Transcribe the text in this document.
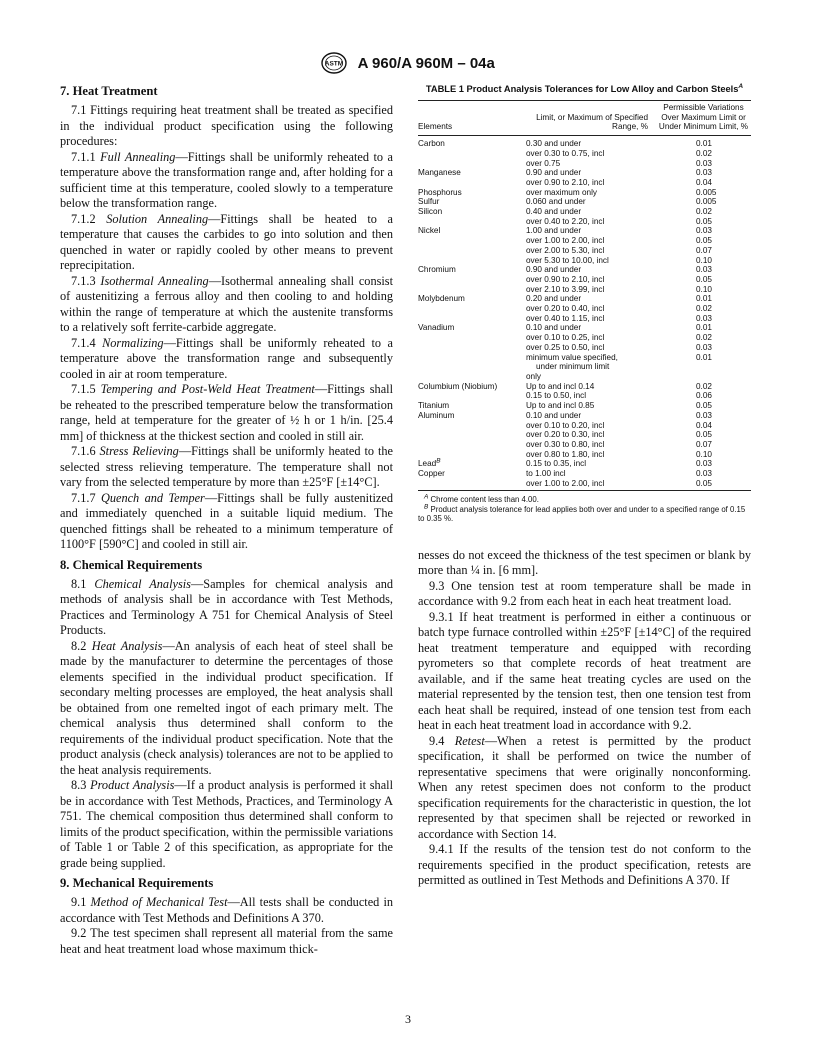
ASTM A 960/A 960M – 04a
7. Heat Treatment

7.1 Fittings requiring heat treatment shall be treated as specified in the individual product specification using the following procedures:

7.1.1 Full Annealing—Fittings shall be uniformly reheated to a temperature above the transformation range and, after holding for a sufficient time at this temperature, cooled slowly to a temperature below the transformation range.

7.1.2 Solution Annealing—Fittings shall be heated to a temperature that causes the carbides to go into solution and then quenched in water or rapidly cooled by other means to prevent reprecipitation.

7.1.3 Isothermal Annealing—Isothermal annealing shall consist of austenitizing a ferrous alloy and then cooling to and holding within the range of temperature at which the austenite transforms to a relatively soft ferrite-carbide aggregate.

7.1.4 Normalizing—Fittings shall be uniformly reheated to a temperature above the transformation range and subsequently cooled in air at room temperature.

7.1.5 Tempering and Post-Weld Heat Treatment—Fittings shall be reheated to the prescribed temperature below the transformation range, held at temperature for the greater of ½ h or 1 h/in. [25.4 mm] of thickness at the thickest section and cooled in still air.

7.1.6 Stress Relieving—Fittings shall be uniformly heated to the selected stress relieving temperature. The temperature shall not vary from the selected temperature by more than ±25°F [±14°C].

7.1.7 Quench and Temper—Fittings shall be fully austenitized and immediately quenched in a suitable liquid medium. The quenched fittings shall be reheated to a minimum temperature of 1100°F [590°C] and cooled in still air.

8. Chemical Requirements

8.1 Chemical Analysis—Samples for chemical analysis and methods of analysis shall be in accordance with Test Methods, Practices and Terminology A 751 for Chemical Analysis of Steel Products.

8.2 Heat Analysis—An analysis of each heat of steel shall be made by the manufacturer to determine the percentages of those elements specified in the individual product specification. If secondary melting processes are employed, the heat analysis shall be obtained from one remelted ingot of each primary melt. The chemical analysis thus determined shall conform to the requirements of the individual product specification. Note that the product analysis (check analysis) tolerances are not to be applied to the heat analysis requirements.

8.3 Product Analysis—If a product analysis is performed it shall be in accordance with Test Methods, Practices, and Terminology A 751. The chemical composition thus determined shall conform to limits of the product specification, within the permissible variations of Table 1 or Table 2 of this specification, as appropriate for the grade being supplied.

9. Mechanical Requirements

9.1 Method of Mechanical Test—All tests shall be conducted in accordance with Test Methods and Definitions A 370.

9.2 The test specimen shall represent all material from the same heat and heat treatment load whose maximum thick-

TABLE 1 Product Analysis Tolerances for Low Alloy and Carbon Steels$^A$
Elements	Limit, or Maximum of Specified Range, %	Permissible Variations Over Maximum Limit or Under Minimum Limit, %
Carbon	0.30 and under	0.01
	over 0.30 to 0.75, incl	0.02
	over 0.75	0.03
Manganese	0.90 and under	0.03
	over 0.90 to 2.10, incl	0.04
Phosphorus	over maximum only	0.005
Sulfur	0.060 and under	0.005
Silicon	0.40 and under	0.02
	over 0.40 to 2.20, incl	0.05
Nickel	1.00 and under	0.03
	over 1.00 to 2.00, incl	0.05
	over 2.00 to 5.30, incl	0.07
	over 5.30 to 10.00, incl	0.10
Chromium	0.90 and under	0.03
	over 0.90 to 2.10, incl	0.05
	over 2.10 to 3.99, incl	0.10
Molybdenum	0.20 and under	0.01
	over 0.20 to 0.40, incl	0.02
	over 0.40 to 1.15, incl	0.03
Vanadium	0.10 and under	0.01
	over 0.10 to 0.25, incl	0.02
	over 0.25 to 0.50, incl	0.03
	minimum value specified,	0.01
	under minimum limit	
	only	
Columbium (Niobium)	Up to and incl 0.14	0.02
	0.15 to 0.50, incl	0.06
Titanium	Up to and incl 0.85	0.05
Aluminum	0.10 and under	0.03
	over 0.10 to 0.20, incl	0.04
	over 0.20 to 0.30, incl	0.05
	over 0.30 to 0.80, incl	0.07
	over 0.80 to 1.80, incl	0.10
Lead$^B$	0.15 to 0.35, incl	0.03
Copper	to 1.00 incl	0.03
	over 1.00 to 2.00, incl	0.05

$^A$ Chrome content less than 4.00.

$^B$ Product analysis tolerance for lead applies both over and under to a specified range of 0.15 to 0.35 %.

nesses do not exceed the thickness of the test specimen or blank by more than ¼ in. [6 mm].

9.3 One tension test at room temperature shall be made in accordance with 9.2 from each heat in each heat treatment load.

9.3.1 If heat treatment is performed in either a continuous or batch type furnace controlled within ±25°F [±14°C] of the required heat treatment temperature and equipped with recording pyrometers so that complete records of heat treatment are available, and if the same heat treating cycles are used on the material represented by the tension test, then one tension test from each heat shall be required, instead of one tension test from each heat in each heat treatment load in accordance with 9.2.

9.4 Retest—When a retest is permitted by the product specification, it shall be performed on twice the number of representative specimens that were originally nonconforming. When any retest specimen does not conform to the product specification requirements for the characteristic in question, the lot represented by that specimen shall be rejected or reworked in accordance with Section 14.

9.4.1 If the results of the tension test do not conform to the requirements specified in the product specification, retests are permitted as outlined in Test Methods and Definitions A 370. If

3
